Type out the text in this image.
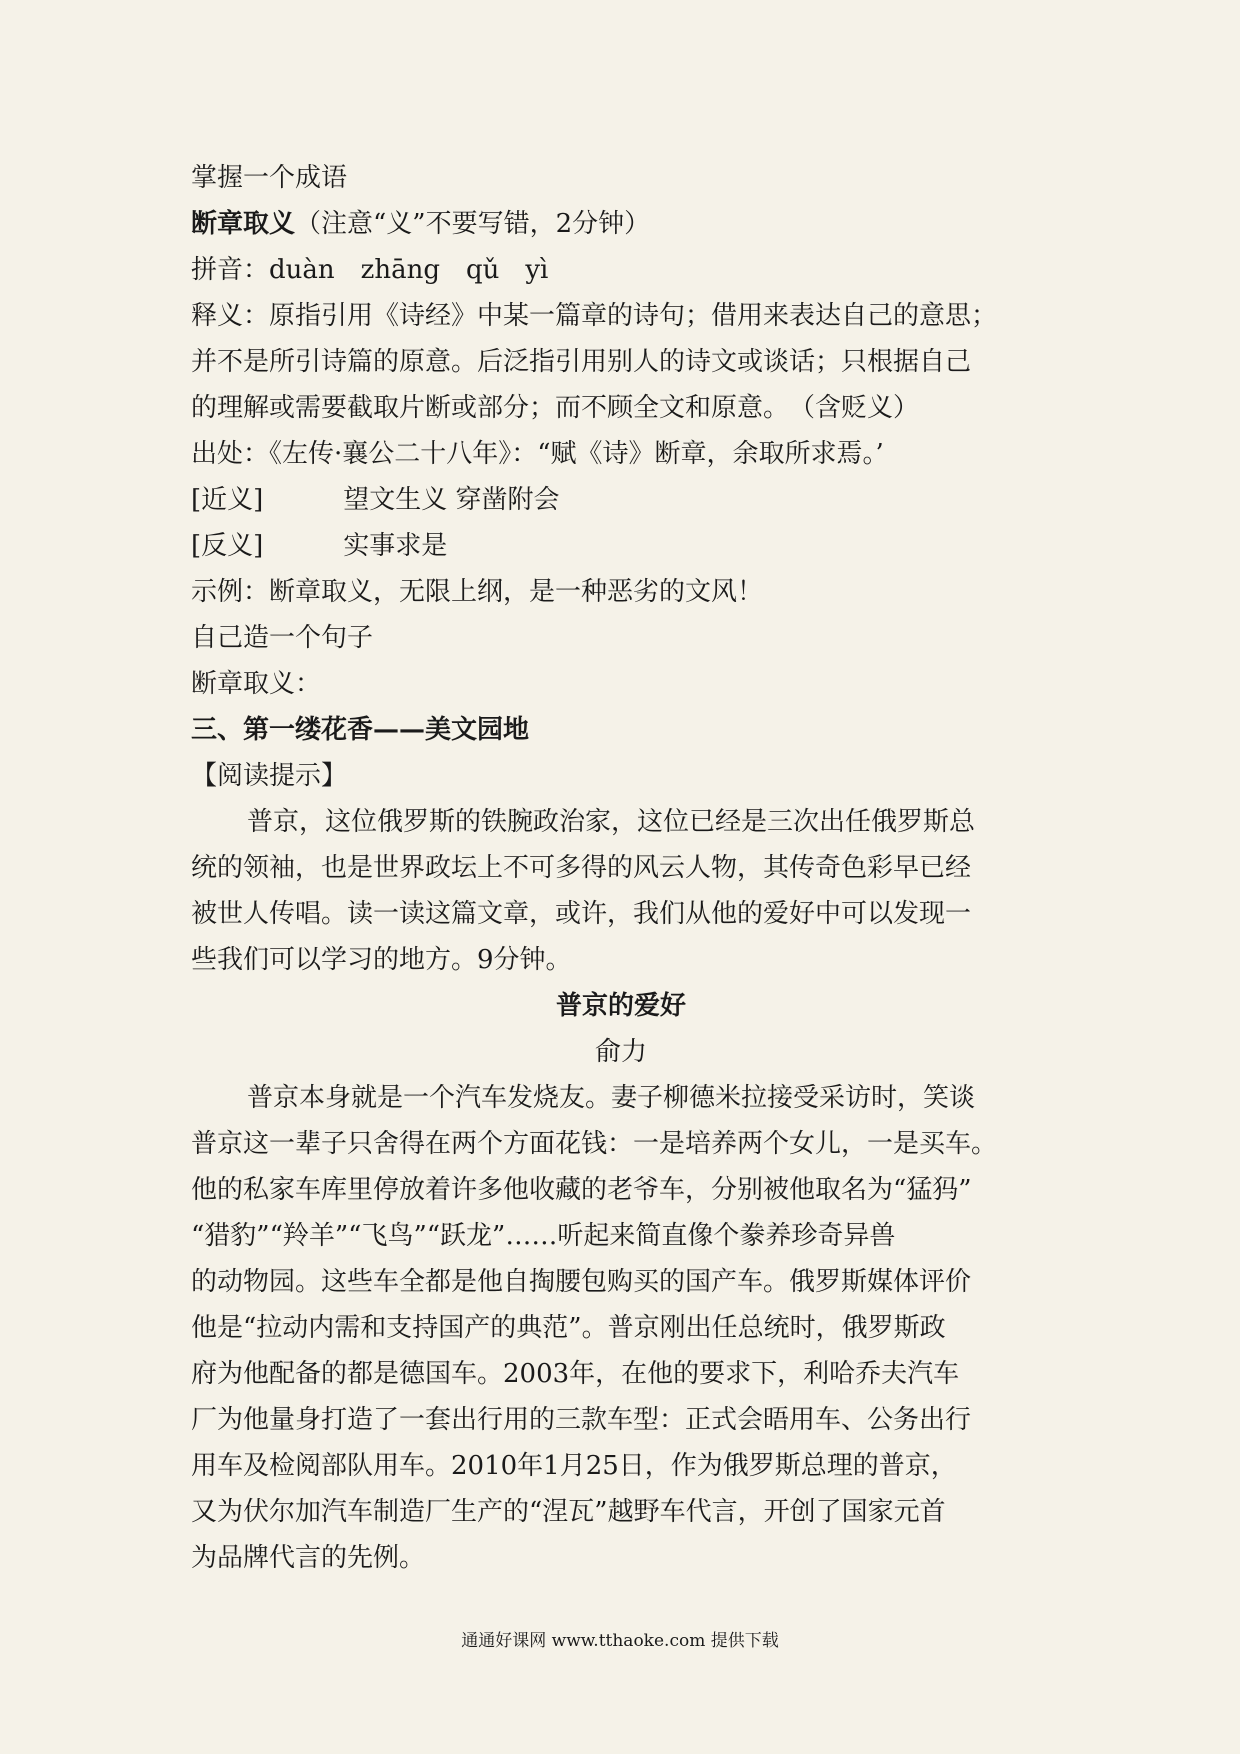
掌握一个成语
断章取义（注意“义”不要写错，2分钟）
拼音：duàn　zhāng　qǔ　yì
释义：原指引用《诗经》中某一篇章的诗句；借用来表达自己的意思；
并不是所引诗篇的原意。后泛指引用别人的诗文或谈话；只根据自己
的理解或需要截取片断或部分；而不顾全文和原意。　（含贬义）
出处：《左传·襄公二十八年》：“赋《诗》断章，余取所求焉。’
[近义]	望文生义 穿凿附会
[反义]	实事求是
示例：断章取义，无限上纲，是一种恶劣的文风！
自己造一个句子
断章取义：
三、第一缕花香——美文园地
【阅读提示】
普京，这位俄罗斯的铁腕政治家，这位已经是三次出任俄罗斯总
统的领袖，也是世界政坛上不可多得的风云人物，其传奇色彩早已经
被世人传唱。读一读这篇文章，或许，我们从他的爱好中可以发现一
些我们可以学习的地方。9分钟。
普京的爱好
俞力
普京本身就是一个汽车发烧友。妻子柳德米拉接受采访时，笑谈
普京这一辈子只舍得在两个方面花钱：一是培养两个女儿，一是买车。
他的私家车库里停放着许多他收藏的老爷车，分别被他取名为“猛犸”
“猎豹”“羚羊”“飞鸟”“跃龙”……听起来简直像个豢养珍奇异兽
的动物园。这些车全都是他自掏腰包购买的国产车。俄罗斯媒体评价
他是“拉动内需和支持国产的典范”。普京刚出任总统时，俄罗斯政
府为他配备的都是德国车。2003年，在他的要求下，利哈乔夫汽车
厂为他量身打造了一套出行用的三款车型：正式会晤用车、公务出行
用车及检阅部队用车。2010年1月25日，作为俄罗斯总理的普京，
又为伏尔加汽车制造厂生产的“涅瓦”越野车代言，开创了国家元首
为品牌代言的先例。
通通好课网 www.tthaoke.com 提供下载
